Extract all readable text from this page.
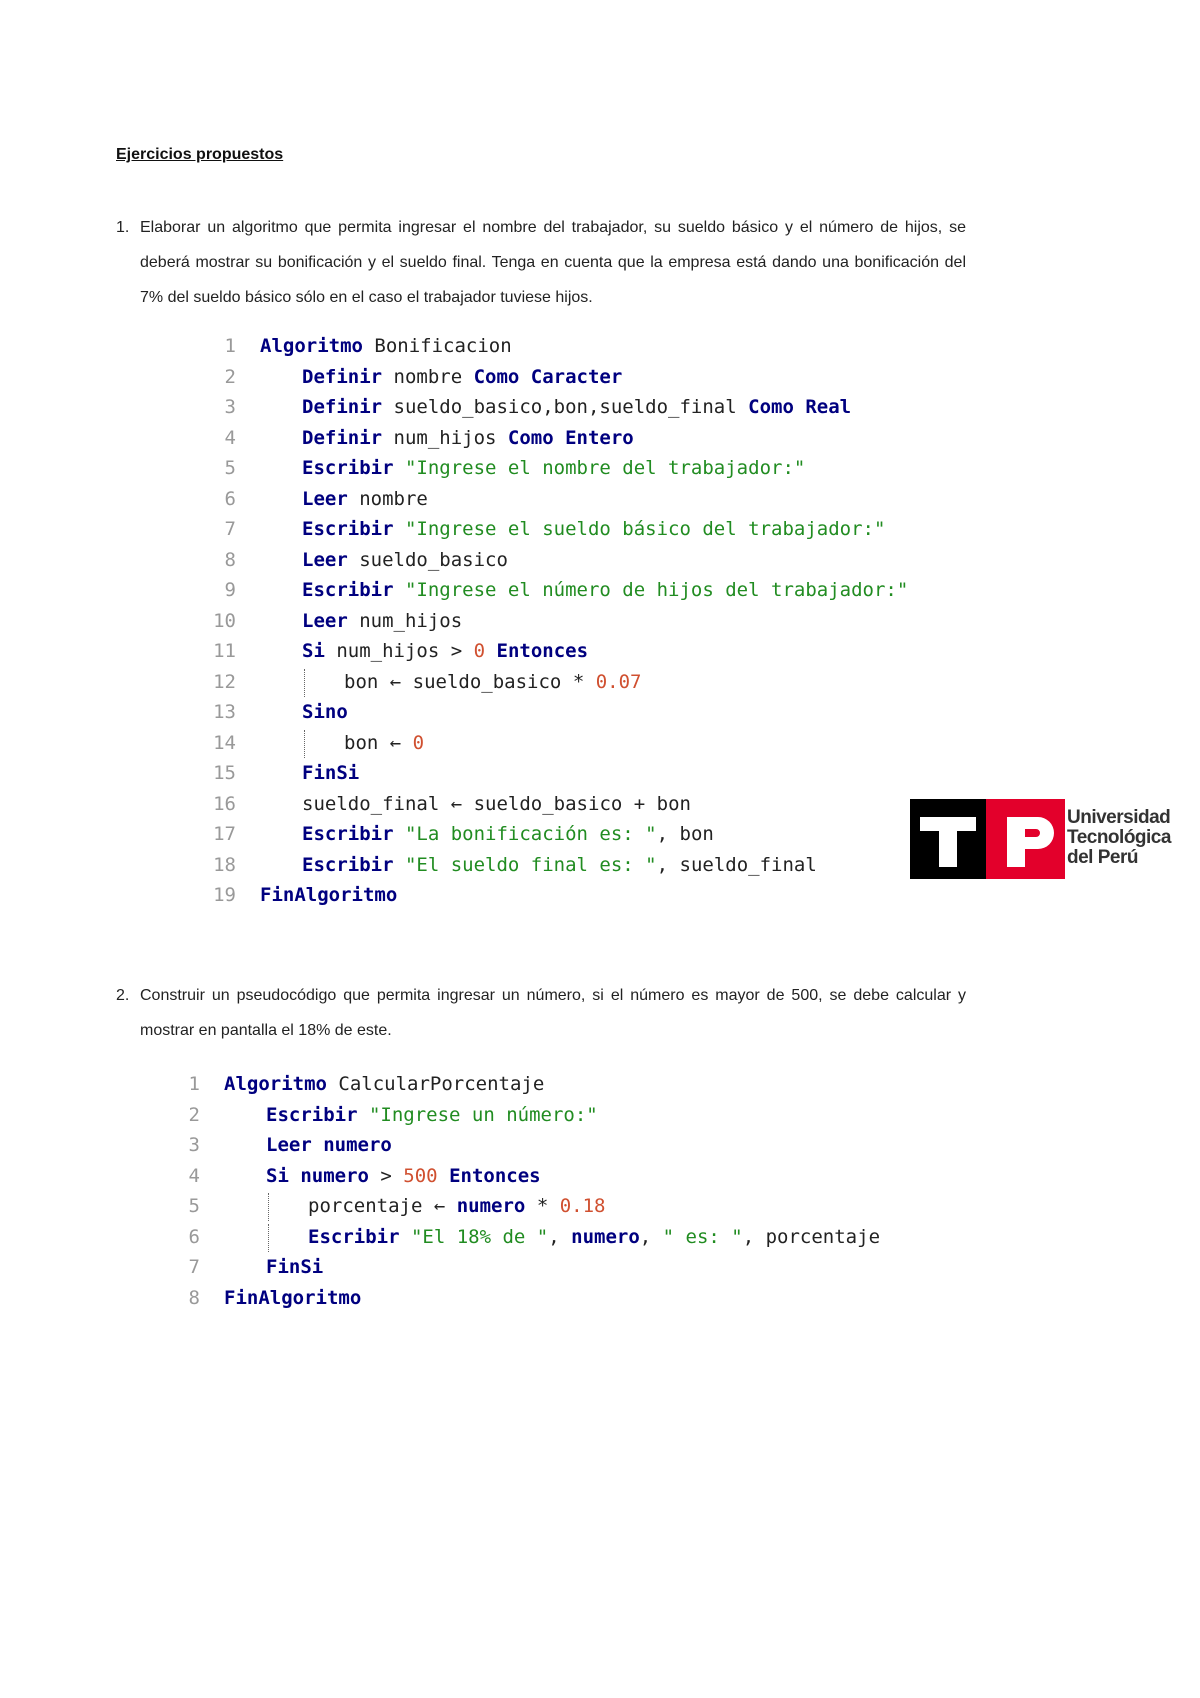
Ejercicios propuestos
1. Elaborar un algoritmo que permita ingresar el nombre del trabajador, su sueldo básico y el número de hijos, se deberá mostrar su bonificación y el sueldo final. Tenga en cuenta que la empresa está dando una bonificación del 7% del sueldo básico sólo en el caso el trabajador tuviese hijos.
1 Algoritmo Bonificacion
2	Definir nombre Como Caracter
3	Definir sueldo_basico,bon,sueldo_final Como Real
4	Definir num_hijos Como Entero
5	Escribir "Ingrese el nombre del trabajador:"
6	Leer nombre
7	Escribir "Ingrese el sueldo básico del trabajador:"
8	Leer sueldo_basico
9	Escribir "Ingrese el número de hijos del trabajador:"
10	Leer num_hijos
11	Si num_hijos > 0 Entonces
12	bon ← sueldo_basico * 0.07
13	Sino
14	bon ← 0
15	FinSi
16	sueldo_final ← sueldo_basico + bon
17	Escribir "La bonificación es: ", bon
18	Escribir "El sueldo final es: ", sueldo_final
19 FinAlgoritmo
Universidad
Tecnológica
del Perú
2. Construir un pseudocódigo que permita ingresar un número, si el número es mayor de 500, se debe calcular y mostrar en pantalla el 18% de este.
1 Algoritmo CalcularPorcentaje
2	Escribir "Ingrese un número:"
3	Leer numero
4	Si numero > 500 Entonces
5	porcentaje ← numero * 0.18
6	Escribir "El 18% de ", numero, " es: ", porcentaje
7	FinSi
8 FinAlgoritmo
